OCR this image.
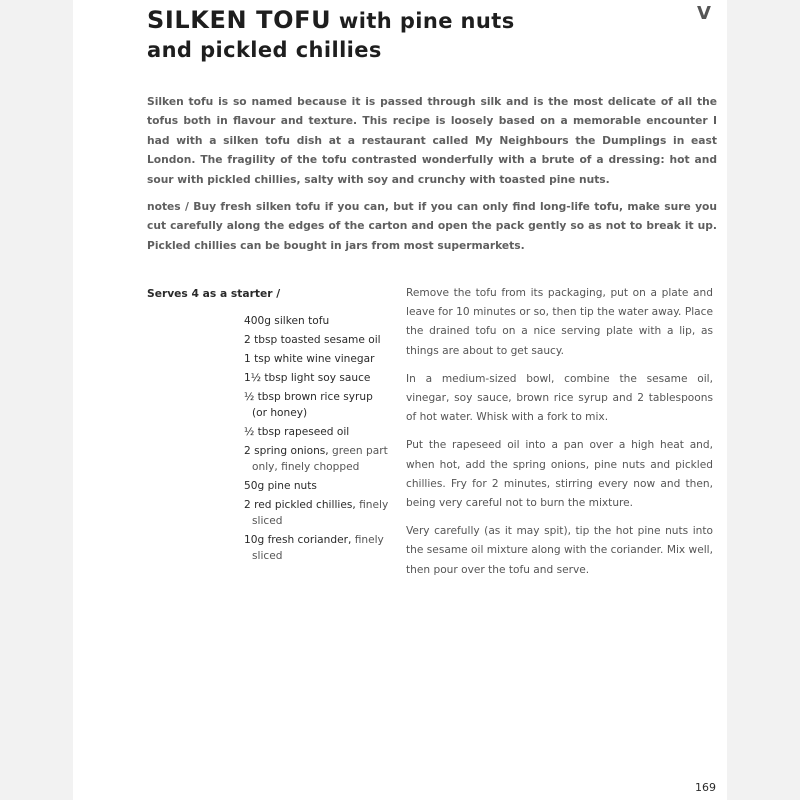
SILKEN TOFU with pine nuts
and pickled chillies
V

Silken tofu is so named because it is passed through silk and is the most delicate of all the tofus both in flavour and texture. This recipe is loosely based on a memorable encounter I had with a silken tofu dish at a restaurant called My Neighbours the Dumplings in east London. The fragility of the tofu contrasted wonderfully with a brute of a dressing: hot and sour with pickled chillies, salty with soy and crunchy with toasted pine nuts.

notes / Buy fresh silken tofu if you can, but if you can only find long-life tofu, make sure you cut carefully along the edges of the carton and open the pack gently so as not to break it up. Pickled chillies can be bought in jars from most supermarkets.

Serves 4 as a starter /

400g silken tofu
2 tbsp toasted sesame oil
1 tsp white wine vinegar
1½ tbsp light soy sauce
½ tbsp brown rice syrup (or honey)
½ tbsp rapeseed oil
2 spring onions, green part only, finely chopped
50g pine nuts
2 red pickled chillies, finely sliced
10g fresh coriander, finely sliced

Remove the tofu from its packaging, put on a plate and leave for 10 minutes or so, then tip the water away. Place the drained tofu on a nice serving plate with a lip, as things are about to get saucy.

In a medium-sized bowl, combine the sesame oil, vinegar, soy sauce, brown rice syrup and 2 tablespoons of hot water. Whisk with a fork to mix.

Put the rapeseed oil into a pan over a high heat and, when hot, add the spring onions, pine nuts and pickled chillies. Fry for 2 minutes, stirring every now and then, being very careful not to burn the mixture.

Very carefully (as it may spit), tip the hot pine nuts into the sesame oil mixture along with the coriander. Mix well, then pour over the tofu and serve.

169
